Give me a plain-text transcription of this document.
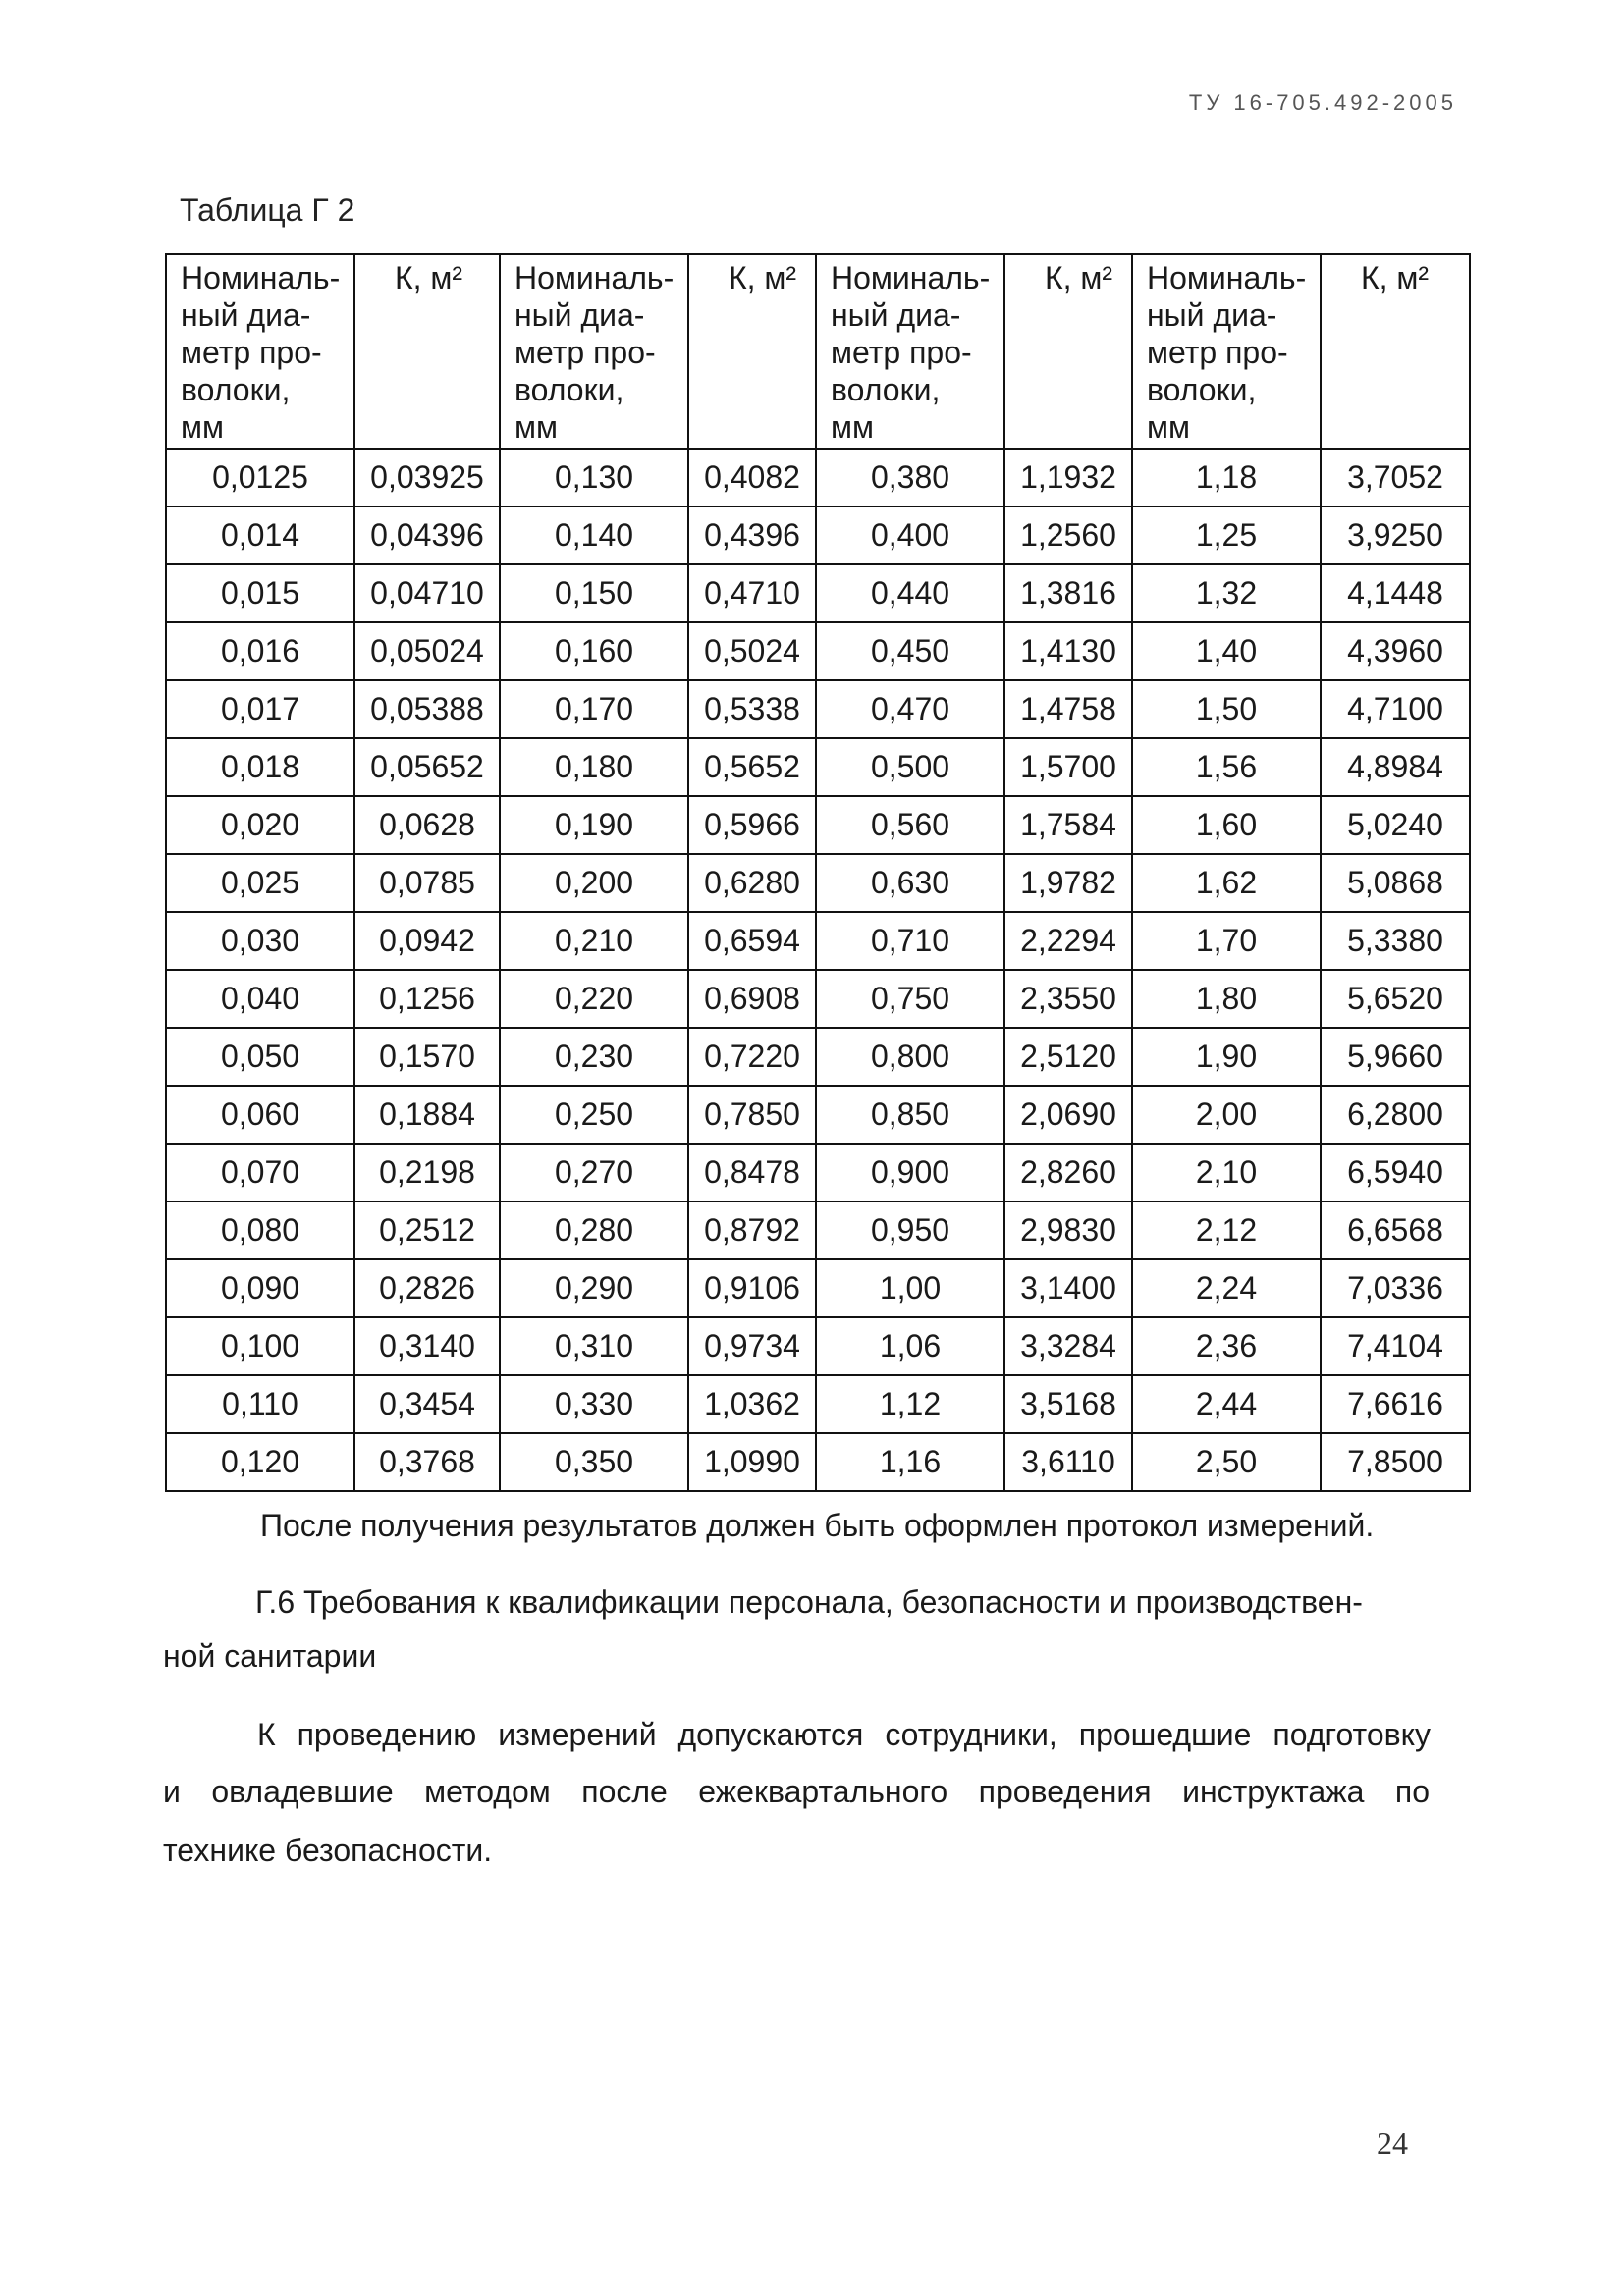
ТУ 16-705.492-2005
Таблица Г 2
Номиналь-
ный диа-
метр про-
волоки,
мм	К, м²	Номиналь-
ный диа-
метр про-
волоки,
мм	К, м²	Номиналь-
ный диа-
метр про-
волоки,
мм	К, м²	Номиналь-
ный диа-
метр про-
волоки,
мм	К, м²
0,0125	0,03925	0,130	0,4082	0,380	1,1932	1,18	3,7052
0,014	0,04396	0,140	0,4396	0,400	1,2560	1,25	3,9250
0,015	0,04710	0,150	0,4710	0,440	1,3816	1,32	4,1448
0,016	0,05024	0,160	0,5024	0,450	1,4130	1,40	4,3960
0,017	0,05388	0,170	0,5338	0,470	1,4758	1,50	4,7100
0,018	0,05652	0,180	0,5652	0,500	1,5700	1,56	4,8984
0,020	0,0628	0,190	0,5966	0,560	1,7584	1,60	5,0240
0,025	0,0785	0,200	0,6280	0,630	1,9782	1,62	5,0868
0,030	0,0942	0,210	0,6594	0,710	2,2294	1,70	5,3380
0,040	0,1256	0,220	0,6908	0,750	2,3550	1,80	5,6520
0,050	0,1570	0,230	0,7220	0,800	2,5120	1,90	5,9660
0,060	0,1884	0,250	0,7850	0,850	2,0690	2,00	6,2800
0,070	0,2198	0,270	0,8478	0,900	2,8260	2,10	6,5940
0,080	0,2512	0,280	0,8792	0,950	2,9830	2,12	6,6568
0,090	0,2826	0,290	0,9106	1,00	3,1400	2,24	7,0336
0,100	0,3140	0,310	0,9734	1,06	3,3284	2,36	7,4104
0,110	0,3454	0,330	1,0362	1,12	3,5168	2,44	7,6616
0,120	0,3768	0,350	1,0990	1,16	3,6110	2,50	7,8500
После получения результатов должен быть оформлен протокол измерений.
Г.6 Требования к квалификации персонала, безопасности и производствен-
ной санитарии
К проведению измерений допускаются сотрудники, прошедшие подготовку
и овладевшие методом после ежеквартального проведения инструктажа по
технике безопасности.
24
